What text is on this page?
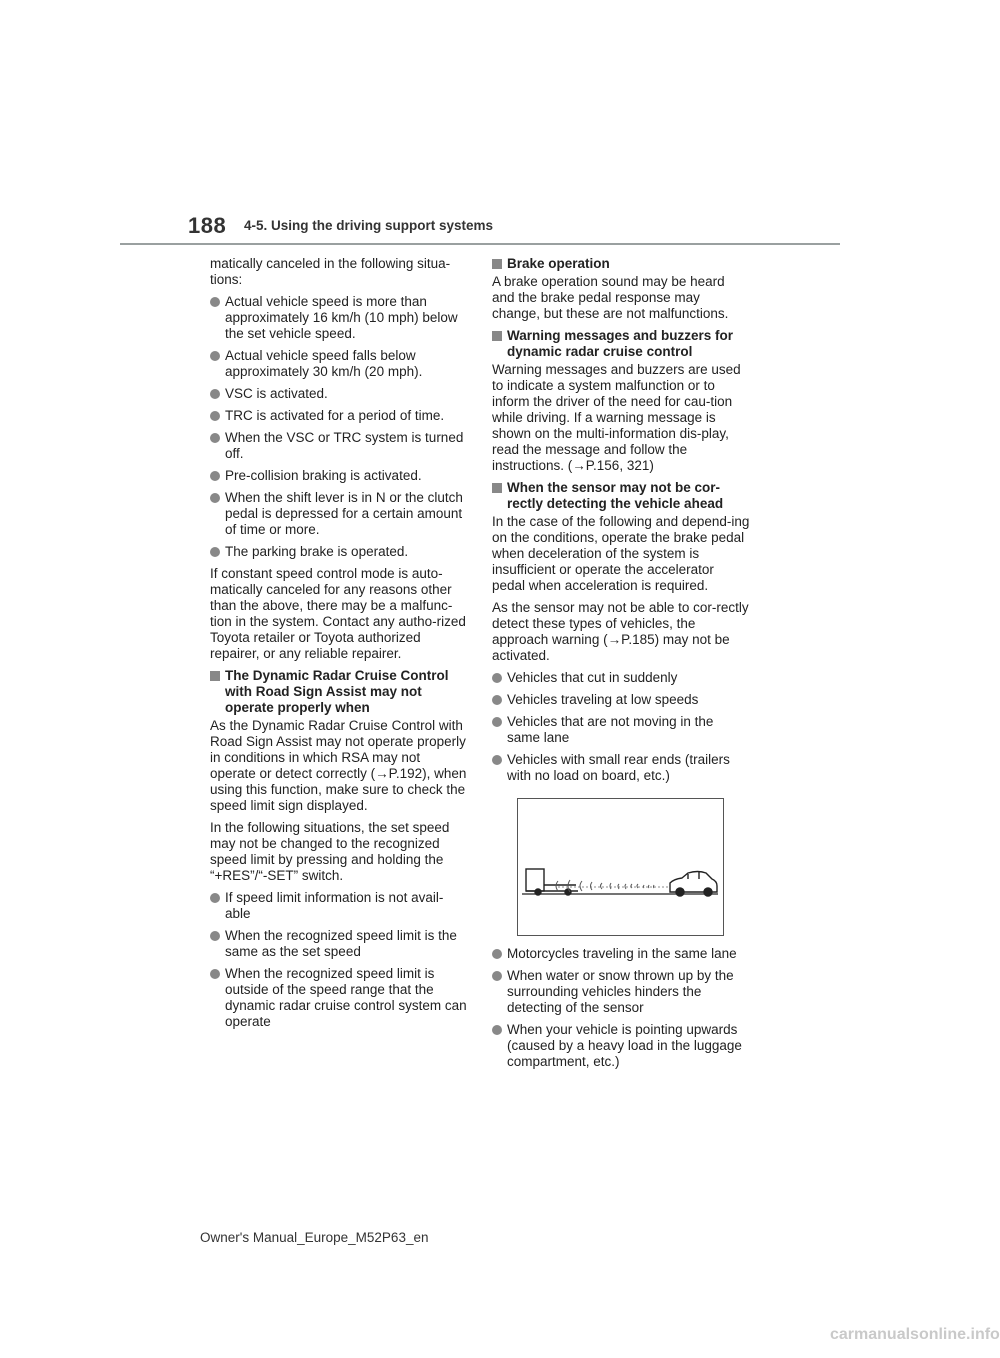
188 4-5. Using the driving support systems
matically canceled in the following situa-tions:
Actual vehicle speed is more than approximately 16 km/h (10 mph) below the set vehicle speed.
Actual vehicle speed falls below approximately 30 km/h (20 mph).
VSC is activated.
TRC is activated for a period of time.
When the VSC or TRC system is turned off.
Pre-collision braking is activated.
When the shift lever is in N or the clutch pedal is depressed for a certain amount of time or more.
The parking brake is operated.
If constant speed control mode is auto-matically canceled for any reasons other than the above, there may be a malfunc-tion in the system. Contact any autho-rized Toyota retailer or Toyota authorized repairer, or any reliable repairer.
The Dynamic Radar Cruise Control with Road Sign Assist may not operate properly when
As the Dynamic Radar Cruise Control with Road Sign Assist may not operate properly in conditions in which RSA may not operate or detect correctly (→P.192), when using this function, make sure to check the speed limit sign displayed.
In the following situations, the set speed may not be changed to the recognized speed limit by pressing and holding the “+RES”/“-SET” switch.
If speed limit information is not avail-able
When the recognized speed limit is the same as the set speed
When the recognized speed limit is outside of the speed range that the dynamic radar cruise control system can operate
Brake operation
A brake operation sound may be heard and the brake pedal response may change, but these are not malfunctions.
Warning messages and buzzers for dynamic radar cruise control
Warning messages and buzzers are used to indicate a system malfunction or to inform the driver of the need for cau-tion while driving. If a warning message is shown on the multi-information dis-play, read the message and follow the instructions. (→P.156, 321)
When the sensor may not be cor-rectly detecting the vehicle ahead
In the case of the following and depend-ing on the conditions, operate the brake pedal when deceleration of the system is insufficient or operate the accelerator pedal when acceleration is required.
As the sensor may not be able to cor-rectly detect these types of vehicles, the approach warning (→P.185) may not be activated.
Vehicles that cut in suddenly
Vehicles traveling at low speeds
Vehicles that are not moving in the same lane
Vehicles with small rear ends (trailers with no load on board, etc.)
Motorcycles traveling in the same lane
When water or snow thrown up by the surrounding vehicles hinders the detecting of the sensor
When your vehicle is pointing upwards (caused by a heavy load in the luggage compartment, etc.)
Owner's Manual_Europe_M52P63_en
carmanualsonline.info
